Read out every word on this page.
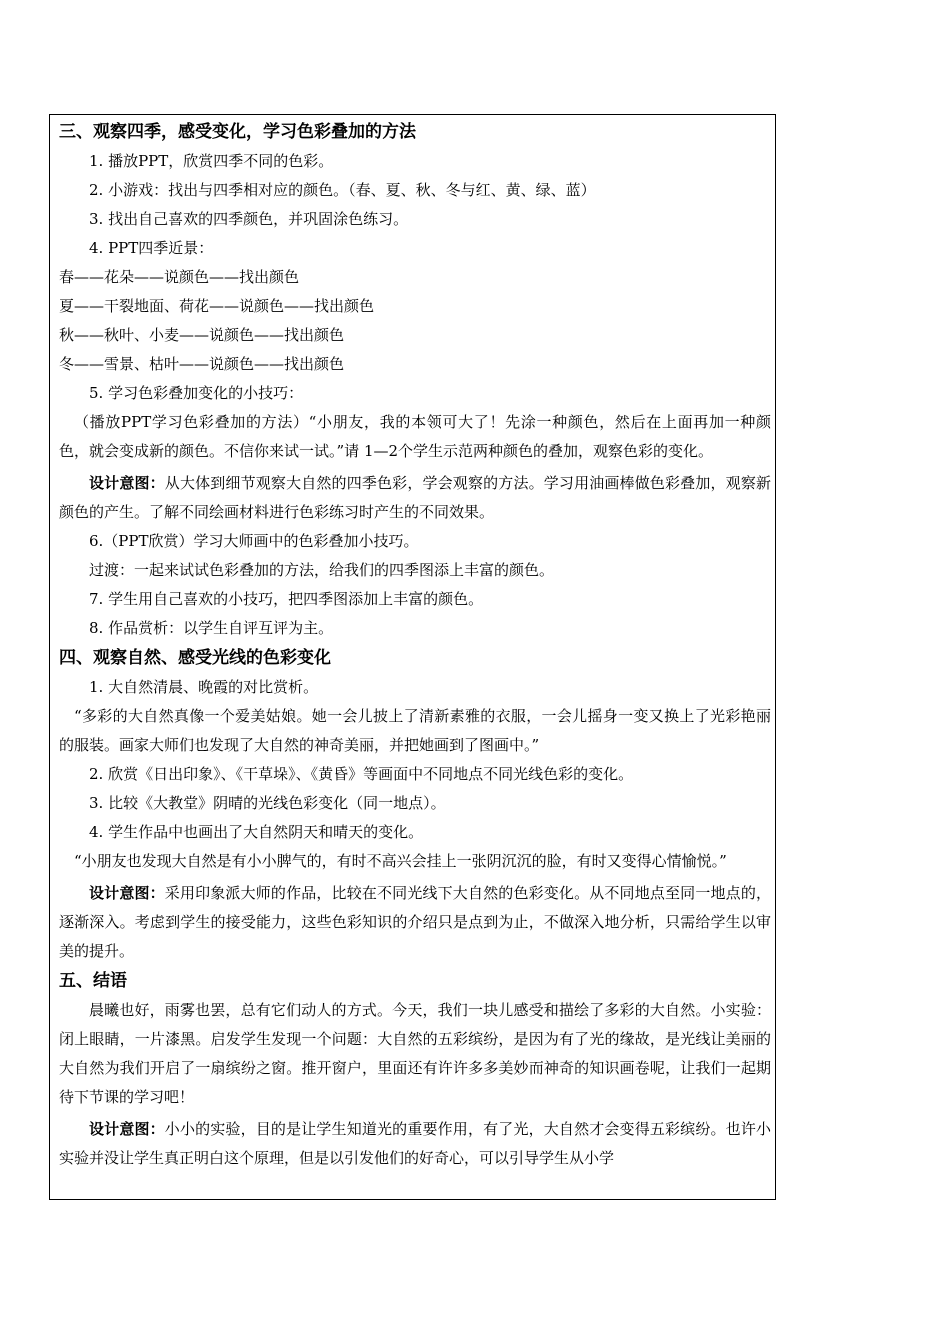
三、观察四季，感受变化，学习色彩叠加的方法

1. 播放PPT，欣赏四季不同的色彩。

2. 小游戏：找出与四季相对应的颜色。（春、夏、秋、冬与红、黄、绿、蓝）

3. 找出自己喜欢的四季颜色，并巩固涂色练习。

4. PPT四季近景：

春——花朵——说颜色——找出颜色

夏——干裂地面、荷花——说颜色——找出颜色

秋——秋叶、小麦——说颜色——找出颜色

冬——雪景、枯叶——说颜色——找出颜色

5. 学习色彩叠加变化的小技巧：

（播放PPT学习色彩叠加的方法）“小朋友，我的本领可大了！先涂一种颜色，然后在上面再加一种颜色，就会变成新的颜色。不信你来试一试。”请 1—2个学生示范两种颜色的叠加，观察色彩的变化。

设计意图：从大体到细节观察大自然的四季色彩，学会观察的方法。学习用油画棒做色彩叠加，观察新颜色的产生。了解不同绘画材料进行色彩练习时产生的不同效果。

6.（PPT欣赏）学习大师画中的色彩叠加小技巧。

过渡：一起来试试色彩叠加的方法，给我们的四季图添上丰富的颜色。

7. 学生用自己喜欢的小技巧，把四季图添加上丰富的颜色。

8. 作品赏析：以学生自评互评为主。

四、观察自然、感受光线的色彩变化

1. 大自然清晨、晚霞的对比赏析。

“多彩的大自然真像一个爱美姑娘。她一会儿披上了清新素雅的衣服，一会儿摇身一变又换上了光彩艳丽的服装。画家大师们也发现了大自然的神奇美丽，并把她画到了图画中。”

2. 欣赏《日出印象》、《干草垛》、《黄昏》等画面中不同地点不同光线色彩的变化。

3. 比较《大教堂》阴晴的光线色彩变化（同一地点）。

4. 学生作品中也画出了大自然阴天和晴天的变化。

“小朋友也发现大自然是有小小脾气的，有时不高兴会挂上一张阴沉沉的脸，有时又变得心情愉悦。”

设计意图：采用印象派大师的作品，比较在不同光线下大自然的色彩变化。从不同地点至同一地点的，逐渐深入。考虑到学生的接受能力，这些色彩知识的介绍只是点到为止，不做深入地分析，只需给学生以审美的提升。

五、结语

晨曦也好，雨雾也罢，总有它们动人的方式。今天，我们一块儿感受和描绘了多彩的大自然。小实验：闭上眼睛，一片漆黑。启发学生发现一个问题：大自然的五彩缤纷，是因为有了光的缘故，是光线让美丽的大自然为我们开启了一扇缤纷之窗。推开窗户，里面还有许许多多美妙而神奇的知识画卷呢，让我们一起期待下节课的学习吧！

设计意图：小小的实验，目的是让学生知道光的重要作用，有了光，大自然才会变得五彩缤纷。也许小实验并没让学生真正明白这个原理，但是以引发他们的好奇心，可以引导学生从小学
